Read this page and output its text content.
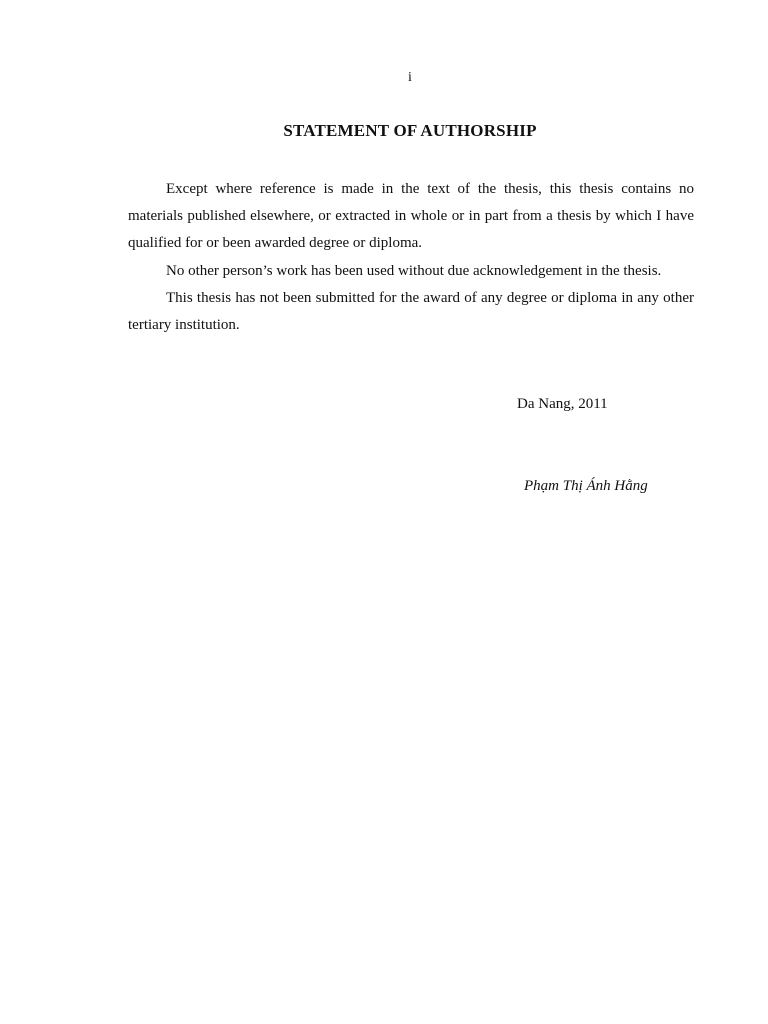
i
STATEMENT OF AUTHORSHIP

Except where reference is made in the text of the thesis, this thesis contains no materials published elsewhere, or extracted in whole or in part from a thesis by which I have qualified for or been awarded degree or diploma.

No other person’s work has been used without due acknowledgement in the thesis.

This thesis has not been submitted for the award of any degree or diploma in any other tertiary institution.

Da Nang, 2011
Phạm Thị Ánh Hằng
